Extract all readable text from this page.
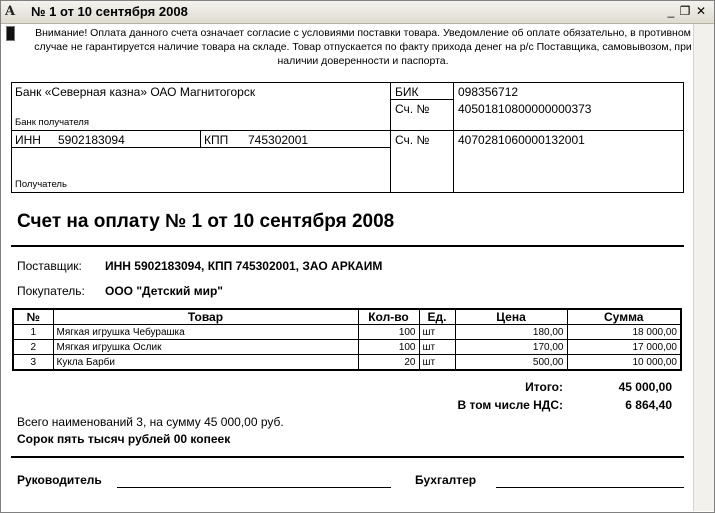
A	№ 1 от 10 сентября 2008	_ ❐ ✕
Внимание! Оплата данного счета означает согласие с условиями поставки товара. Уведомление об оплате обязательно, в противном случае не гарантируется наличие товара на складе. Товар отпускается по факту прихода денег на р/с Поставщика, самовывозом, при наличии доверенности и паспорта.
Банк «Северная казна» ОАО Магнитогорск
Банк получателя
БИК	098356712
Сч. № 40501810800000000373
ИНН 5902183094	КПП 745302001	Сч. № 40702810600001320​01
Получатель
Счет на оплату № 1 от 10 сентября 2008
Поставщик: ИНН 5902183094, КПП 745302001, ЗАО АРКАИМ
Покупатель: ООО "Детский мир"
№	Товар	Кол-во	Ед.	Цена	Сумма
1	Мягкая игрушка Чебурашка	100	шт	180,00	18 000,00
2	Мягкая игрушка Ослик	100	шт	170,00	17 000,00
3	Кукла Барби	20	шт	500,00	10 000,00
Итого:	45 000,00
В том числе НДС:	6 864,40
Всего наименований 3, на сумму 45 000,00 руб.
Сорок пять тысяч рублей 00 копеек
Руководитель	Бухгалтер
